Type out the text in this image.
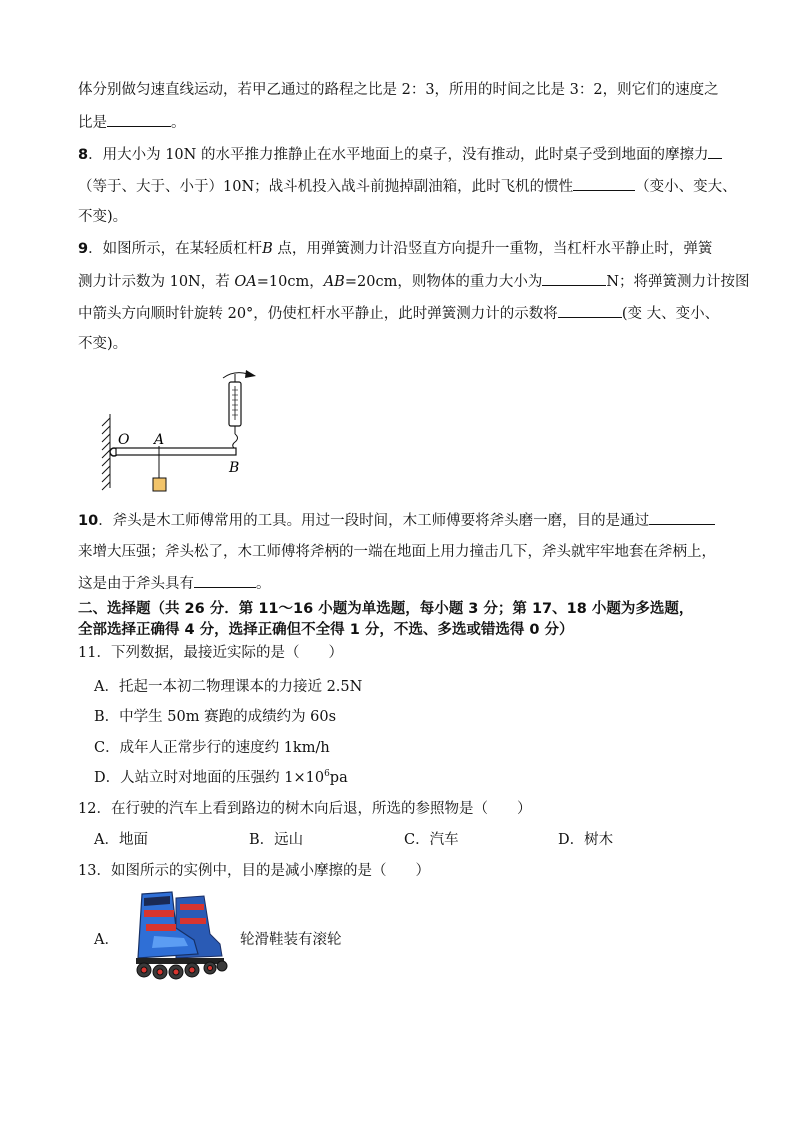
体分别做匀速直线运动，若甲乙通过的路程之比是 2：3，所用的时间之比是 3：2，则它们的速度之
比是	。
8．用大小为 10N 的水平推力推静止在水平地面上的桌子，没有推动，此时桌子受到地面的摩擦力
（等于、大于、小于）10N；战斗机投入战斗前抛掉副油箱，此时飞机的惯性	（变小、变大、
不变)。
9．如图所示，在某轻质杠杆B 点，用弹簧测力计沿竖直方向提升一重物，当杠杆水平静止时，弹簧
测力计示数为 10N，若 OA=10cm，AB=20cm，则物体的重力大小为	N；将弹簧测力计按图
中箭头方向顺时针旋转 20°，仍使杠杆水平静止，此时弹簧测力计的示数将	(变 大、变小、
不变)。
O A
B
10．斧头是木工师傅常用的工具。用过一段时间，木工师傅要将斧头磨一磨，目的是通过
来增大压强；斧头松了，木工师傅将斧柄的一端在地面上用力撞击几下，斧头就牢牢地套在斧柄上，
这是由于斧头具有	。
二、选择题（共 26 分．第 11～16 小题为单选题，每小题 3 分；第 17、18 小题为多选题，
全部选择正确得 4 分，选择正确但不全得 1 分，不选、多选或错选得 0 分）
11．下列数据，最接近实际的是（　　）
A．托起一本初二物理课本的力接近 2.5N
B．中学生 50m 赛跑的成绩约为 60s
C．成年人正常步行的速度约 1km/h
D．人站立时对地面的压强约 $1\times 10^6pa$
12．在行驶的汽车上看到路边的树木向后退，所选的参照物是（　　）
A．地面	B．远山	C．汽车	D．树木
13．如图所示的实例中，目的是减小摩擦的是（　　）
A．	轮滑鞋装有滚轮
